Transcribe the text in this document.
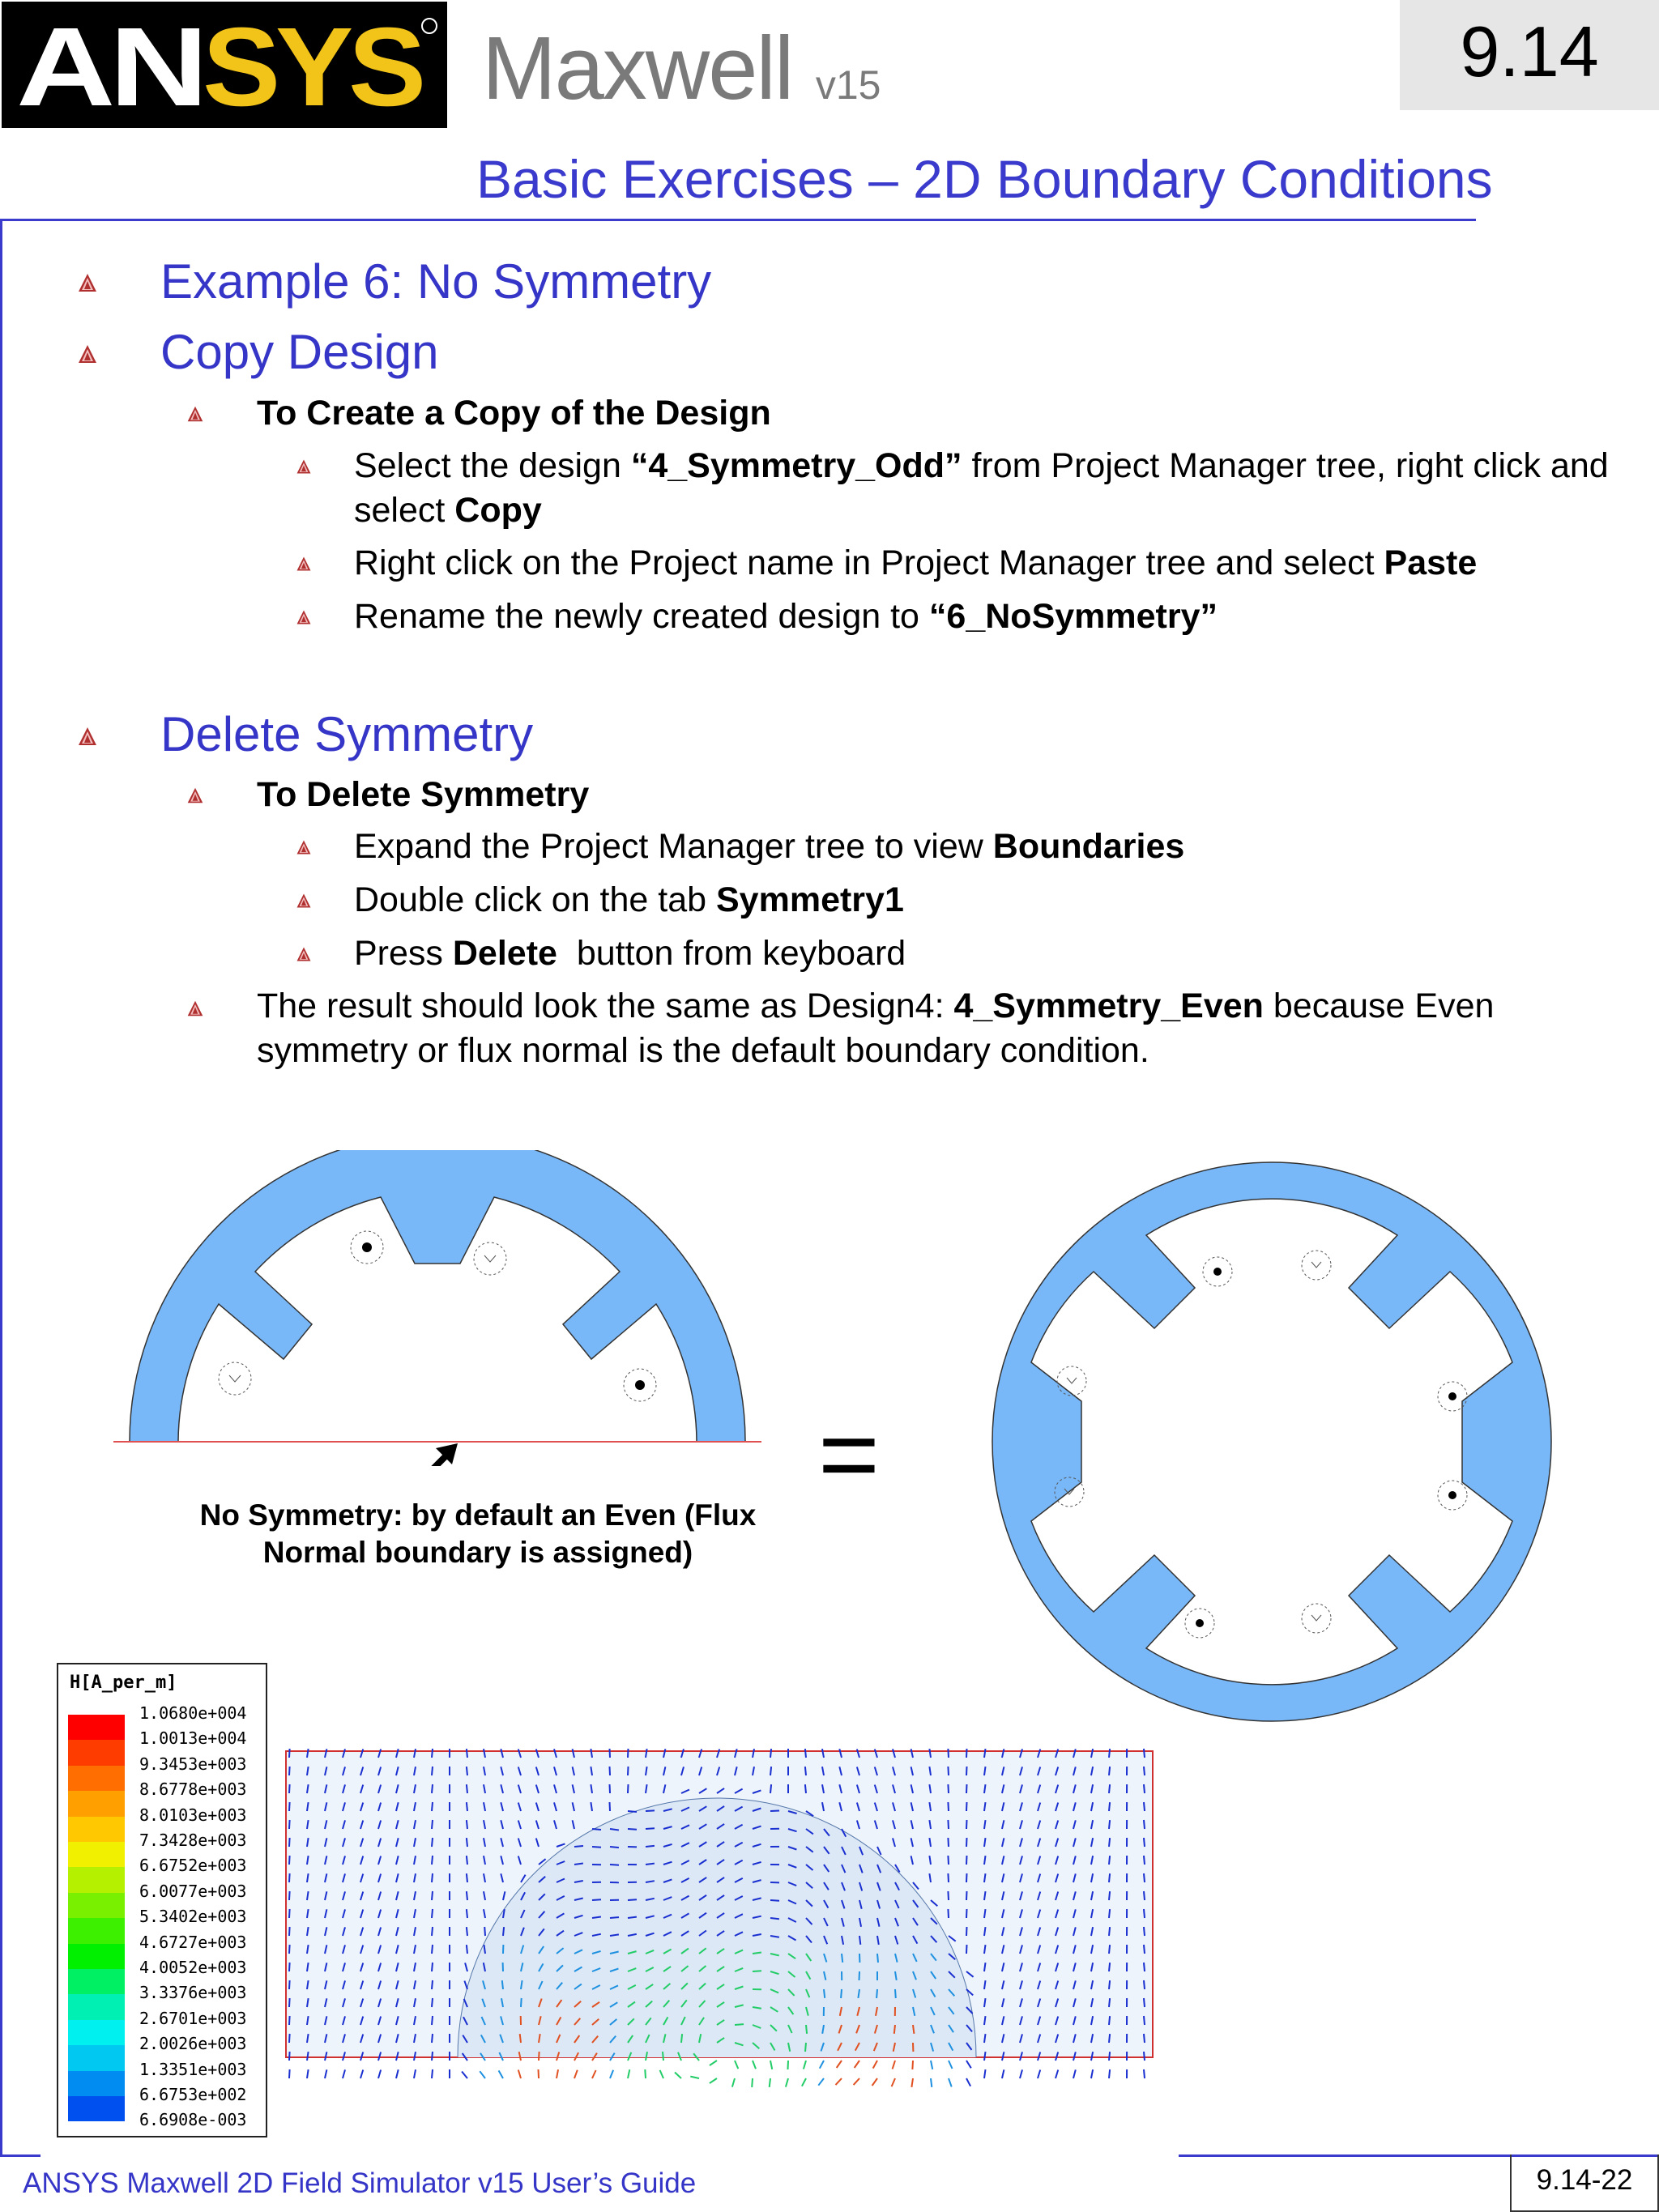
AN SYS Maxwell v15	9.14
Basic Exercises – 2D Boundary Conditions
Example 6: No Symmetry
Copy Design
To Create a Copy of the Design
Select the design “4_Symmetry_Odd” from Project Manager tree, right click and select Copy
Right click on the Project name in Project Manager tree and select Paste
Rename the newly created design to “6_NoSymmetry”
Delete Symmetry
To Delete Symmetry
Expand the Project Manager tree to view Boundaries
Double click on the tab Symmetry1
Press Delete  button from keyboard
The result should look the same as Design4: 4_Symmetry_Even because Even symmetry or flux normal is the default boundary condition.
=
No Symmetry: by default an Even (Flux
Normal boundary is assigned)
H[A_per_m]
1.0680e+004
1.0013e+004
9.3453e+003
8.6778e+003
8.0103e+003
7.3428e+003
6.6752e+003
6.0077e+003
5.3402e+003
4.6727e+003
4.0052e+003
3.3376e+003
2.6701e+003
2.0026e+003
1.3351e+003
6.6753e+002
6.6908e-003
ANSYS Maxwell 2D Field Simulator v15 User’s Guide	9.14-22
